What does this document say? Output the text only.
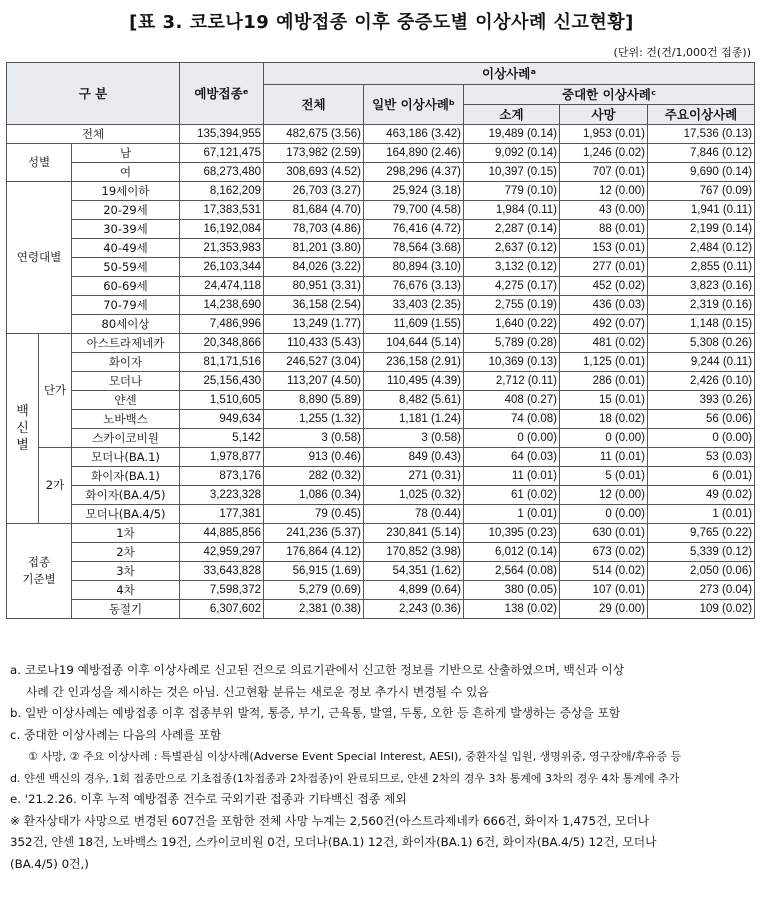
[표 3. 코로나19 예방접종 이후 중증도별 이상사례 신고현황]
(단위: 건(건/1,000건 접종))
구 분			예방접종ᵉ	이상사례ᵃ				
				전체	일반 이상사례ᵇ	중대한 이상사례ᶜ		
						소계	사망	주요이상사례
전체			135,394,955	482,675 (3.56)	463,186 (3.42)	19,489 (0.14)	1,953 (0.01)	17,536 (0.13)
성별		남	67,121,475	173,982 (2.59)	164,890 (2.46)	9,092 (0.14)	1,246 (0.02)	7,846 (0.12)
		여	68,273,480	308,693 (4.52)	298,296 (4.37)	10,397 (0.15)	707 (0.01)	9,690 (0.14)
연령대별		19세이하	8,162,209	26,703 (3.27)	25,924 (3.18)	779 (0.10)	12 (0.00)	767 (0.09)
		20-29세	17,383,531	81,684 (4.70)	79,700 (4.58)	1,984 (0.11)	43 (0.00)	1,941 (0.11)
		30-39세	16,192,084	78,703 (4.86)	76,416 (4.72)	2,287 (0.14)	88 (0.01)	2,199 (0.14)
		40-49세	21,353,983	81,201 (3.80)	78,564 (3.68)	2,637 (0.12)	153 (0.01)	2,484 (0.12)
		50-59세	26,103,344	84,026 (3.22)	80,894 (3.10)	3,132 (0.12)	277 (0.01)	2,855 (0.11)
		60-69세	24,474,118	80,951 (3.31)	76,676 (3.13)	4,275 (0.17)	452 (0.02)	3,823 (0.16)
		70-79세	14,238,690	36,158 (2.54)	33,403 (2.35)	2,755 (0.19)	436 (0.03)	2,319 (0.16)
		80세이상	7,486,996	13,249 (1.77)	11,609 (1.55)	1,640 (0.22)	492 (0.07)	1,148 (0.15)

백
신
별	단가	아스트라제네카	20,348,866	110,433 (5.43)	104,644 (5.14)	5,789 (0.28)	481 (0.02)	5,308 (0.26)
		화이자	81,171,516	246,527 (3.04)	236,158 (2.91)	10,369 (0.13)	1,125 (0.01)	9,244 (0.11)
		모더나	25,156,430	113,207 (4.50)	110,495 (4.39)	2,712 (0.11)	286 (0.01)	2,426 (0.10)
		얀센	1,510,605	8,890 (5.89)	8,482 (5.61)	408 (0.27)	15 (0.01)	393 (0.26)
		노바백스	949,634	1,255 (1.32)	1,181 (1.24)	74 (0.08)	18 (0.02)	56 (0.06)
		스카이코비원	5,142	3 (0.58)	3 (0.58)	0 (0.00)	0 (0.00)	0 (0.00)
	2가	모더나(BA.1)	1,978,877	913 (0.46)	849 (0.43)	64 (0.03)	11 (0.01)	53 (0.03)
		화이자(BA.1)	873,176	282 (0.32)	271 (0.31)	11 (0.01)	5 (0.01)	6 (0.01)
		화이자(BA.4/5)	3,223,328	1,086 (0.34)	1,025 (0.32)	61 (0.02)	12 (0.00)	49 (0.02)
		모더나(BA.4/5)	177,381	79 (0.45)	78 (0.44)	1 (0.01)	0 (0.00)	1 (0.01)

접종
기준별		1차	44,885,856	241,236 (5.37)	230,841 (5.14)	10,395 (0.23)	630 (0.01)	9,765 (0.22)
		2차	42,959,297	176,864 (4.12)	170,852 (3.98)	6,012 (0.14)	673 (0.02)	5,339 (0.12)
		3차	33,643,828	56,915 (1.69)	54,351 (1.62)	2,564 (0.08)	514 (0.02)	2,050 (0.06)
		4차	7,598,372	5,279 (0.69)	4,899 (0.64)	380 (0.05)	107 (0.01)	273 (0.04)
		동절기	6,307,602	2,381 (0.38)	2,243 (0.36)	138 (0.02)	29 (0.00)	109 (0.02)

a. 코로나19 예방접종 이후 이상사례로 신고된 건으로 의료기관에서 신고한 정보를 기반으로 산출하였으며, 백신과 이상

사례 간 인과성을 제시하는 것은 아님. 신고현황 분류는 새로운 정보 추가시 변경될 수 있음

b. 일반 이상사례는 예방접종 이후 접종부위 발적, 통증, 부기, 근육통, 발열, 두통, 오한 등 흔하게 발생하는 증상을 포함

c. 중대한 이상사례는 다음의 사례를 포함

① 사망, ② 주요 이상사례 : 특별관심 이상사례(Adverse Event Special Interest, AESI), 중환자실 입원, 생명위중, 영구장애/후유증 등

d. 얀센 백신의 경우, 1회 접종만으로 기초접종(1차접종과 2차접종)이 완료되므로, 얀센 2차의 경우 3차 통계에 3차의 경우 4차 통계에 추가

e. '21.2.26. 이후 누적 예방접종 건수로 국외기관 접종과 기타백신 접종 제외

※ 환자상태가 사망으로 변경된 607건을 포함한 전체 사망 누계는 2,560건(아스트라제네카 666건, 화이자 1,475건, 모더나

352건, 얀센 18건, 노바백스 19건, 스카이코비원 0건, 모더나(BA.1) 12건, 화이자(BA.1) 6건, 화이자(BA.4/5) 12건, 모더나

(BA.4/5) 0건,)
